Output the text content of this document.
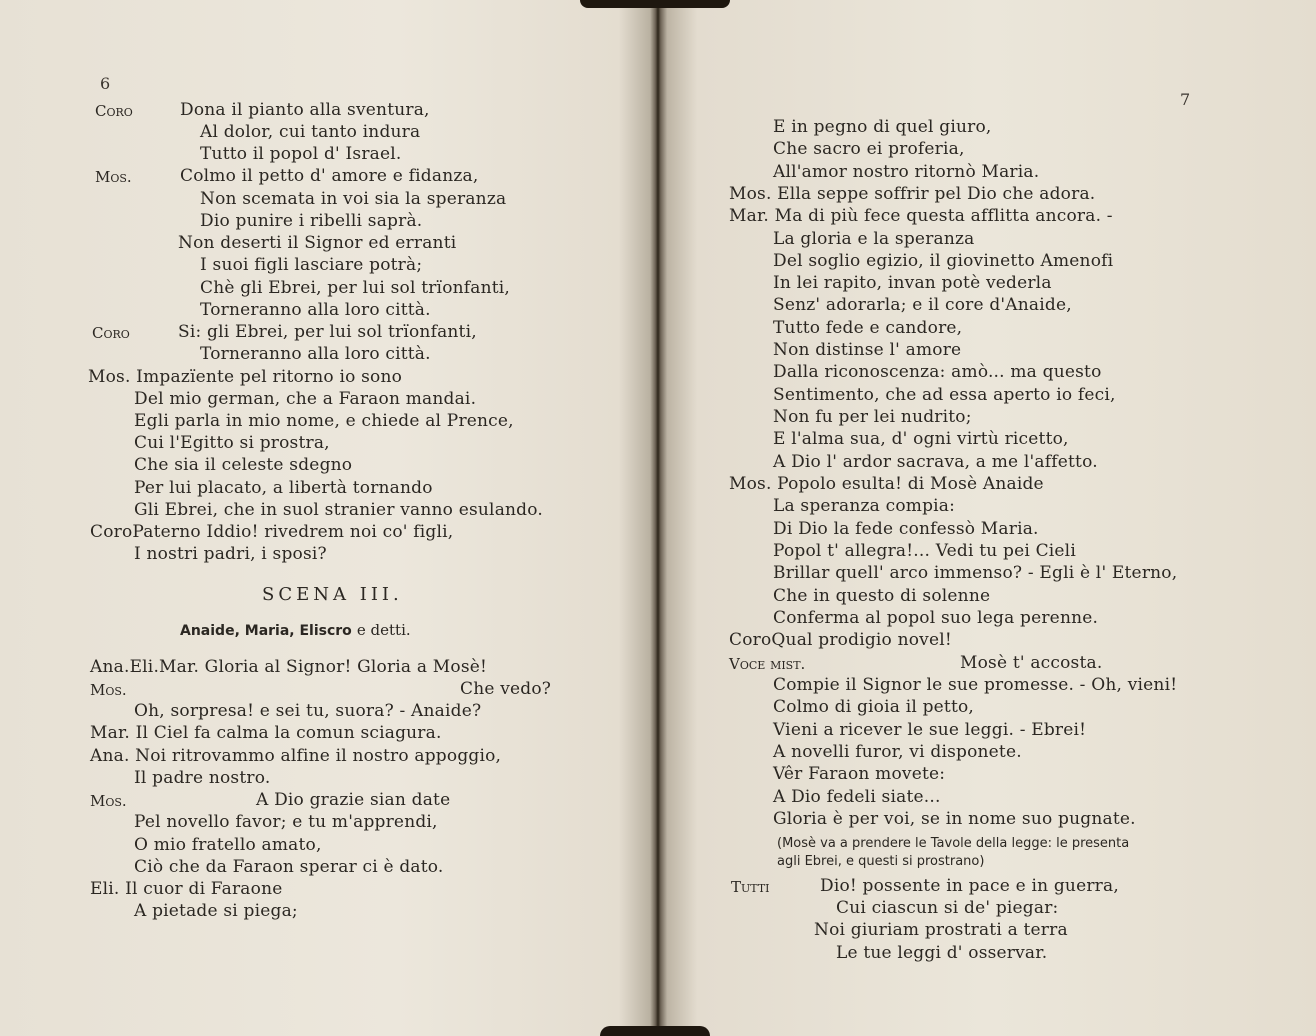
6
Coro	Dona il pianto alla sventura,
Al dolor, cui tanto indura
Tutto il popol d' Israel.
Mos.	Colmo il petto d' amore e fidanza,
Non scemata in voi sia la speranza
Dio punire i ribelli saprà.
Non deserti il Signor ed erranti
I suoi figli lasciare potrà;
Chè gli Ebrei, per lui sol trïonfanti,
Torneranno alla loro città.
Coro	Si: gli Ebrei, per lui sol trïonfanti,
Torneranno alla loro città.
Mos. Impazïente pel ritorno io sono
Del mio german, che a Faraon mandai.
Egli parla in mio nome, e chiede al Prence,
Cui l'Egitto si prostra,
Che sia il celeste sdegno
Per lui placato, a libertà tornando
Gli Ebrei, che in suol stranier vanno esulando.
CoroPaterno Iddio! rivedrem noi co' figli,
I nostri padri, i sposi?
SCENA III.
Anaide, Maria, Eliscro e detti.
Ana.Eli.Mar. Gloria al Signor! Gloria a Mosè!
Mos.	Che vedo?
Oh, sorpresa! e sei tu, suora? - Anaide?
Mar. Il Ciel fa calma la comun sciagura.
Ana. Noi ritrovammo alfine il nostro appoggio,
Il padre nostro.
Mos.	A Dio grazie sian date
Pel novello favor; e tu m'apprendi,
O mio fratello amato,
Ciò che da Faraon sperar ci è dato.
Eli. Il cuor di Faraone
A pietade si piega;
7
E in pegno di quel giuro,
Che sacro ei proferia,
All'amor nostro ritornò Maria.
Mos. Ella seppe soffrir pel Dio che adora.
Mar. Ma di più fece questa afflitta ancora. -
La gloria e la speranza
Del soglio egizio, il giovinetto Amenofi
In lei rapito, invan potè vederla
Senz' adorarla; e il core d'Anaide,
Tutto fede e candore,
Non distinse l' amore
Dalla riconoscenza: amò... ma questo
Sentimento, che ad essa aperto io feci,
Non fu per lei nudrito;
E l'alma sua, d' ogni virtù ricetto,
A Dio l' ardor sacrava, a me l'affetto.
Mos. Popolo esulta! di Mosè Anaide
La speranza compia:
Di Dio la fede confessò Maria.
Popol t' allegra!... Vedi tu pei Cieli
Brillar quell' arco immenso? - Egli è l' Eterno,
Che in questo di solenne
Conferma al popol suo lega perenne.
CoroQual prodigio novel!
Voce mist.	Mosè t' accosta.
Compie il Signor le sue promesse. - Oh, vieni!
Colmo di gioia il petto,
Vieni a ricever le sue leggi. - Ebrei!
A novelli furor, vi disponete.
Vêr Faraon movete:
A Dio fedeli siate...
Gloria è per voi, se in nome suo pugnate.
(Mosè va a prendere le Tavole della legge: le presenta
agli Ebrei, e questi si prostrano)
Tutti	Dio! possente in pace e in guerra,
Cui ciascun si de' piegar:
Noi giuriam prostrati a terra
Le tue leggi d' osservar.
